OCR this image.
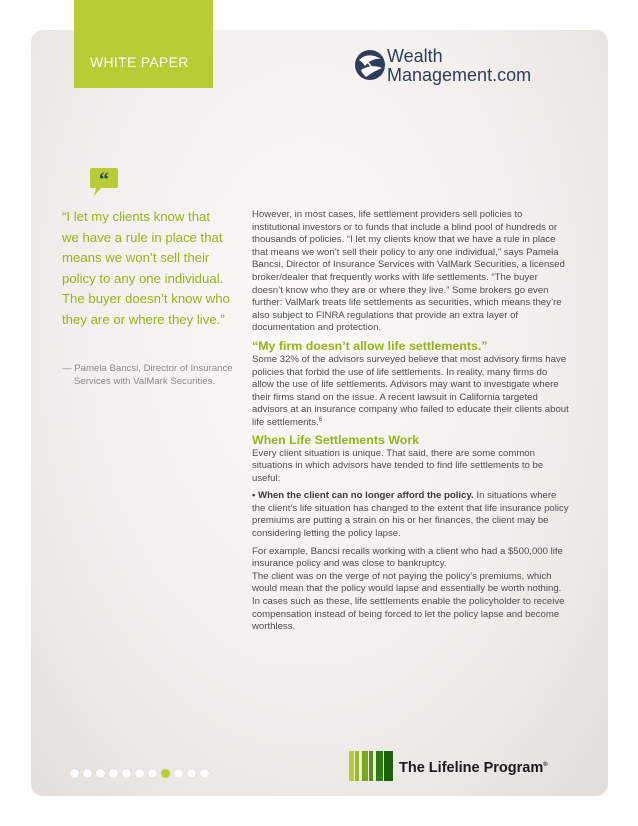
WHITE PAPER	Wealth
Management.com
“

“I let my clients know that we have a rule in place that means we won’t sell their policy to any one individual. The buyer doesn’t know who they are or where they live.”

— Pamela Bancsi, Director of Insurance Services with ValMark Securities.

However, in most cases, life settlement providers sell policies to institutional investors or to funds that include a blind pool of hundreds or thousands of policies. “I let my clients know that we have a rule in place that means we won’t sell their policy to any one individual,” says Pamela Bancsi, Director of Insurance Services with ValMark Securities, a licensed broker/dealer that frequently works with life settlements. “The buyer doesn’t know who they are or where they live.” Some brokers go even further: ValMark treats life settlements as securities, which means they’re also subject to FINRA regulations that provide an extra layer of documentation and protection.

“My firm doesn’t allow life settlements.”

Some 32% of the advisors surveyed believe that most advisory firms have policies that forbid the use of life settlements. In reality, many firms do allow the use of life settlements. Advisors may want to investigate where their firms stand on the issue. A recent lawsuit in California targeted advisors at an insurance company who failed to educate their clients about life settlements.$^6$

When Life Settlements Work

Every client situation is unique. That said, there are some common situations in which advisors have tended to find life settlements to be useful:

• When the client can no longer afford the policy. In situations where the client’s life situation has changed to the extent that life insurance policy premiums are putting a strain on his or her finances, the client may be considering letting the policy lapse.

For example, Bancsi recalls working with a client who had a $500,000 life insurance policy and was close to bankruptcy.

The client was on the verge of not paying the policy’s premiums, which would mean that the policy would lapse and essentially be worth nothing. In cases such as these, life settlements enable the policyholder to receive compensation instead of being forced to let the policy lapse and become worthless.

The Lifeline Program®
